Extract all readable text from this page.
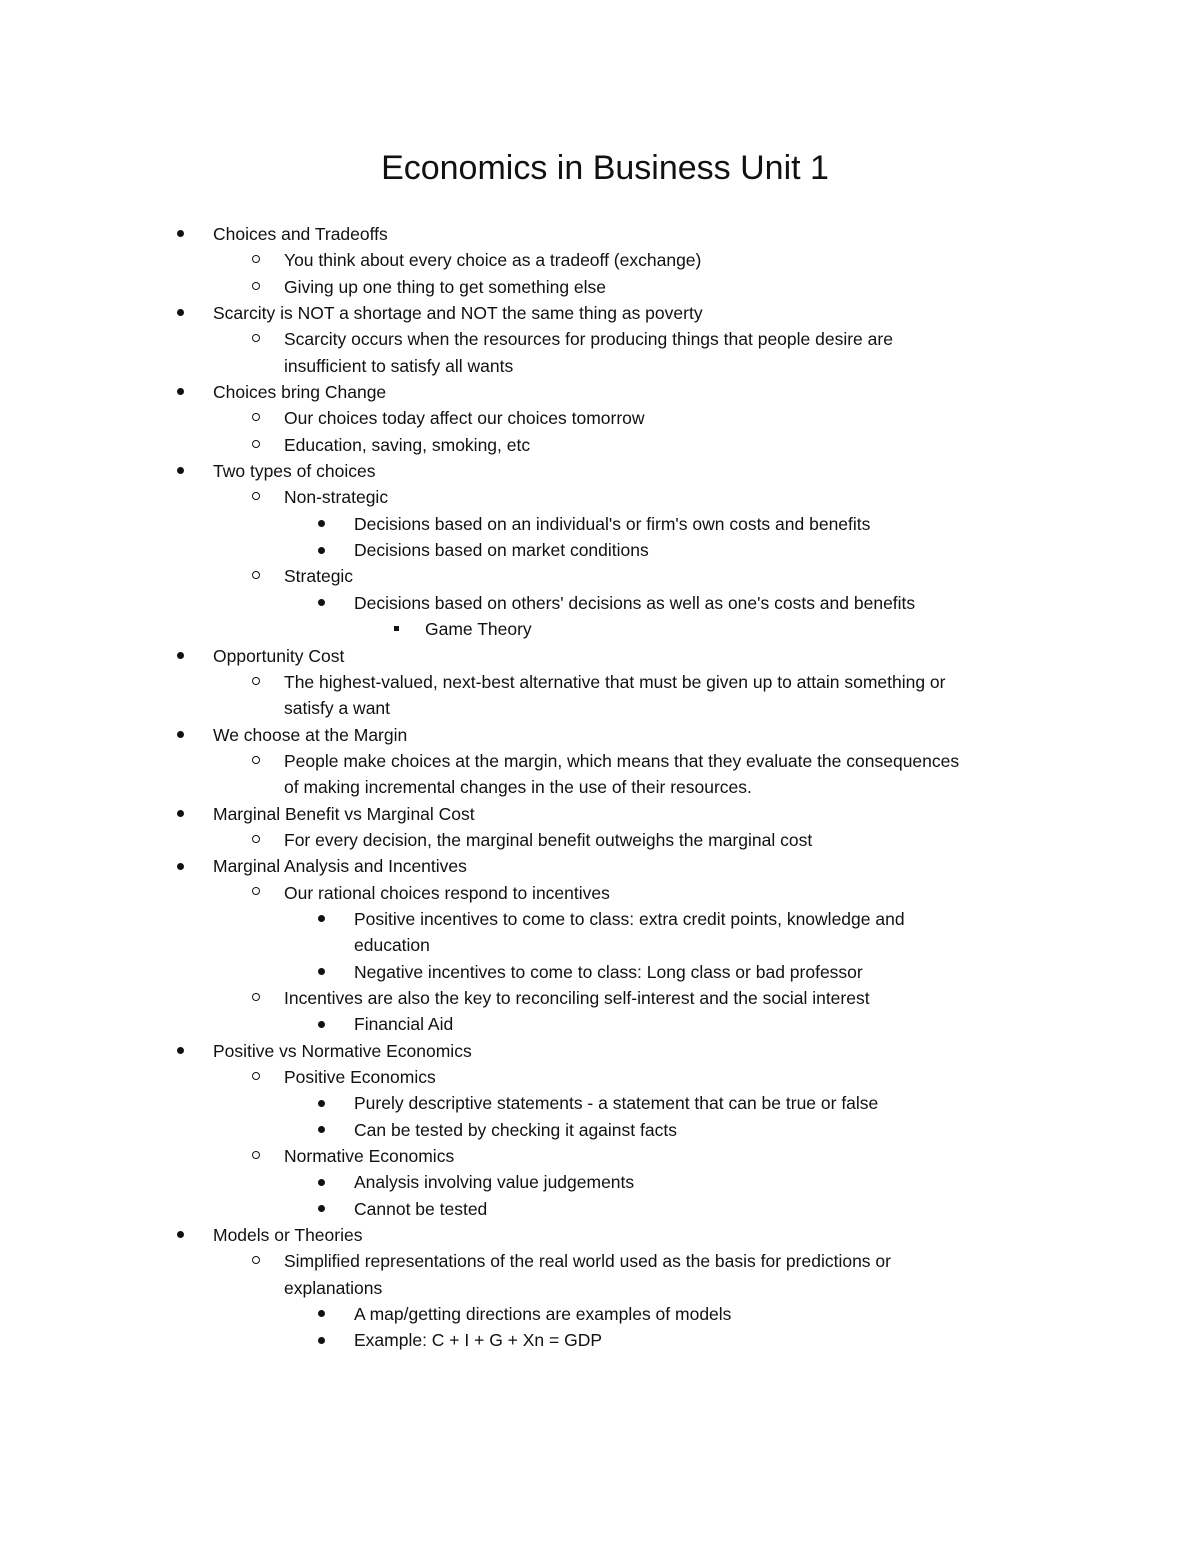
Economics in Business Unit 1
Choices and Tradeoffs
You think about every choice as a tradeoff (exchange)
Giving up one thing to get something else
Scarcity is NOT a shortage and NOT the same thing as poverty
Scarcity occurs when the resources for producing things that people desire are
insufficient to satisfy all wants
Choices bring Change
Our choices today affect our choices tomorrow
Education, saving, smoking, etc
Two types of choices
Non-strategic
Decisions based on an individual's or firm's own costs and benefits
Decisions based on market conditions
Strategic
Decisions based on others' decisions as well as one's costs and benefits
Game Theory
Opportunity Cost
The highest-valued, next-best alternative that must be given up to attain something or
satisfy a want
We choose at the Margin
People make choices at the margin, which means that they evaluate the consequences
of making incremental changes in the use of their resources.
Marginal Benefit vs Marginal Cost
For every decision, the marginal benefit outweighs the marginal cost
Marginal Analysis and Incentives
Our rational choices respond to incentives
Positive incentives to come to class: extra credit points, knowledge and
education
Negative incentives to come to class: Long class or bad professor
Incentives are also the key to reconciling self-interest and the social interest
Financial Aid
Positive vs Normative Economics
Positive Economics
Purely descriptive statements - a statement that can be true or false
Can be tested by checking it against facts
Normative Economics
Analysis involving value judgements
Cannot be tested
Models or Theories
Simplified representations of the real world used as the basis for predictions or
explanations
A map/getting directions are examples of models
Example: C + I + G + Xn = GDP
